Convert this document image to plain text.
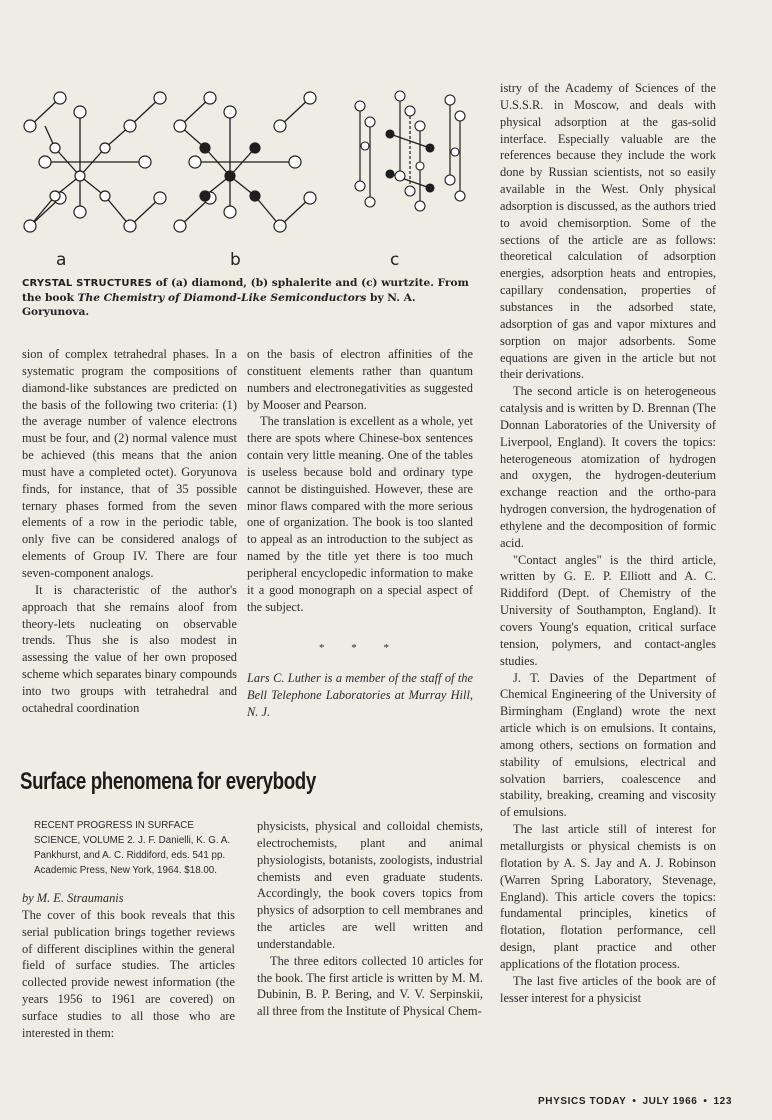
a	b	c
CRYSTAL STRUCTURES of (a) diamond, (b) sphalerite and (c) wurtzite. From the book The Chemistry of Diamond-Like Semiconductors by N. A. Goryunova.

sion of complex tetrahedral phases. In a systematic program the compositions of diamond-like substances are predicted on the basis of the following two criteria: (1) the average number of valence electrons must be four, and (2) normal valence must be achieved (this means that the anion must have a completed octet). Goryunova finds, for instance, that of 35 possible ternary phases formed from the seven elements of a row in the periodic table, only five can be considered analogs of elements of Group IV. There are four seven-component analogs.

It is characteristic of the author's approach that she remains aloof from theory-lets nucleating on observable trends. Thus she is also modest in assessing the value of her own proposed scheme which separates binary compounds into two groups with tetrahedral and octahedral coordination

on the basis of electron affinities of the constituent elements rather than quantum numbers and electronegativities as suggested by Mooser and Pearson.

The translation is excellent as a whole, yet there are spots where Chinese-box sentences contain very little meaning. One of the tables is useless because bold and ordinary type cannot be distinguished. However, these are minor flaws compared with the more serious one of organization. The book is too slanted to appeal as an introduction to the subject as named by the title yet there is too much peripheral encyclopedic information to make it a good monograph on a special aspect of the subject.

* * *

Lars C. Luther is a member of the staff of the Bell Telephone Laboratories at Murray Hill, N. J.

Surface phenomena for everybody
RECENT PROGRESS IN SURFACE SCIENCE, VOLUME 2. J. F. Danielli, K. G. A. Pankhurst, and A. C. Riddiford, eds. 541 pp. Academic Press, New York, 1964. $18.00.

by M. E. Straumanis

The cover of this book reveals that this serial publication brings together reviews of different disciplines within the general field of surface studies. The articles collected provide newest information (the years 1956 to 1961 are covered) on surface studies to all those who are interested in them:

physicists, physical and colloidal chemists, electrochemists, plant and animal physiologists, botanists, zoologists, industrial chemists and even graduate students. Accordingly, the book covers topics from physics of adsorption to cell membranes and the articles are well written and understandable.

The three editors collected 10 articles for the book. The first article is written by M. M. Dubinin, B. P. Bering, and V. V. Serpinskii, all three from the Institute of Physical Chem-

istry of the Academy of Sciences of the U.S.S.R. in Moscow, and deals with physical adsorption at the gas-solid interface. Especially valuable are the references because they include the work done by Russian scientists, not so easily available in the West. Only physical adsorption is discussed, as the authors tried to avoid chemisorption. Some of the sections of the article are as follows: theoretical calculation of adsorption energies, adsorption heats and entropies, capillary condensation, properties of substances in the adsorbed state, adsorption of gas and vapor mixtures and sorption on major adsorbents. Some equations are given in the article but not their derivations.

The second article is on heterogeneous catalysis and is written by D. Brennan (The Donnan Laboratories of the University of Liverpool, England). It covers the topics: heterogeneous atomization of hydrogen and oxygen, the hydrogen-deuterium exchange reaction and the ortho-para hydrogen conversion, the hydrogenation of ethylene and the decomposition of formic acid.

"Contact angles" is the third article, written by G. E. P. Elliott and A. C. Riddiford (Dept. of Chemistry of the University of Southampton, England). It covers Young's equation, critical surface tension, polymers, and contact-angles studies.

J. T. Davies of the Department of Chemical Engineering of the University of Birmingham (England) wrote the next article which is on emulsions. It contains, among others, sections on formation and stability of emulsions, electrical and solvation barriers, coalescence and stability, breaking, creaming and viscosity of emulsions.

The last article still of interest for metallurgists or physical chemists is on flotation by A. S. Jay and A. J. Robinson (Warren Spring Laboratory, Stevenage, England). This article covers the topics: fundamental principles, kinetics of flotation, flotation performance, cell design, plant practice and other applications of the flotation process.

The last five articles of the book are of lesser interest for a physicist

PHYSICS TODAY • JULY 1966 • 123
